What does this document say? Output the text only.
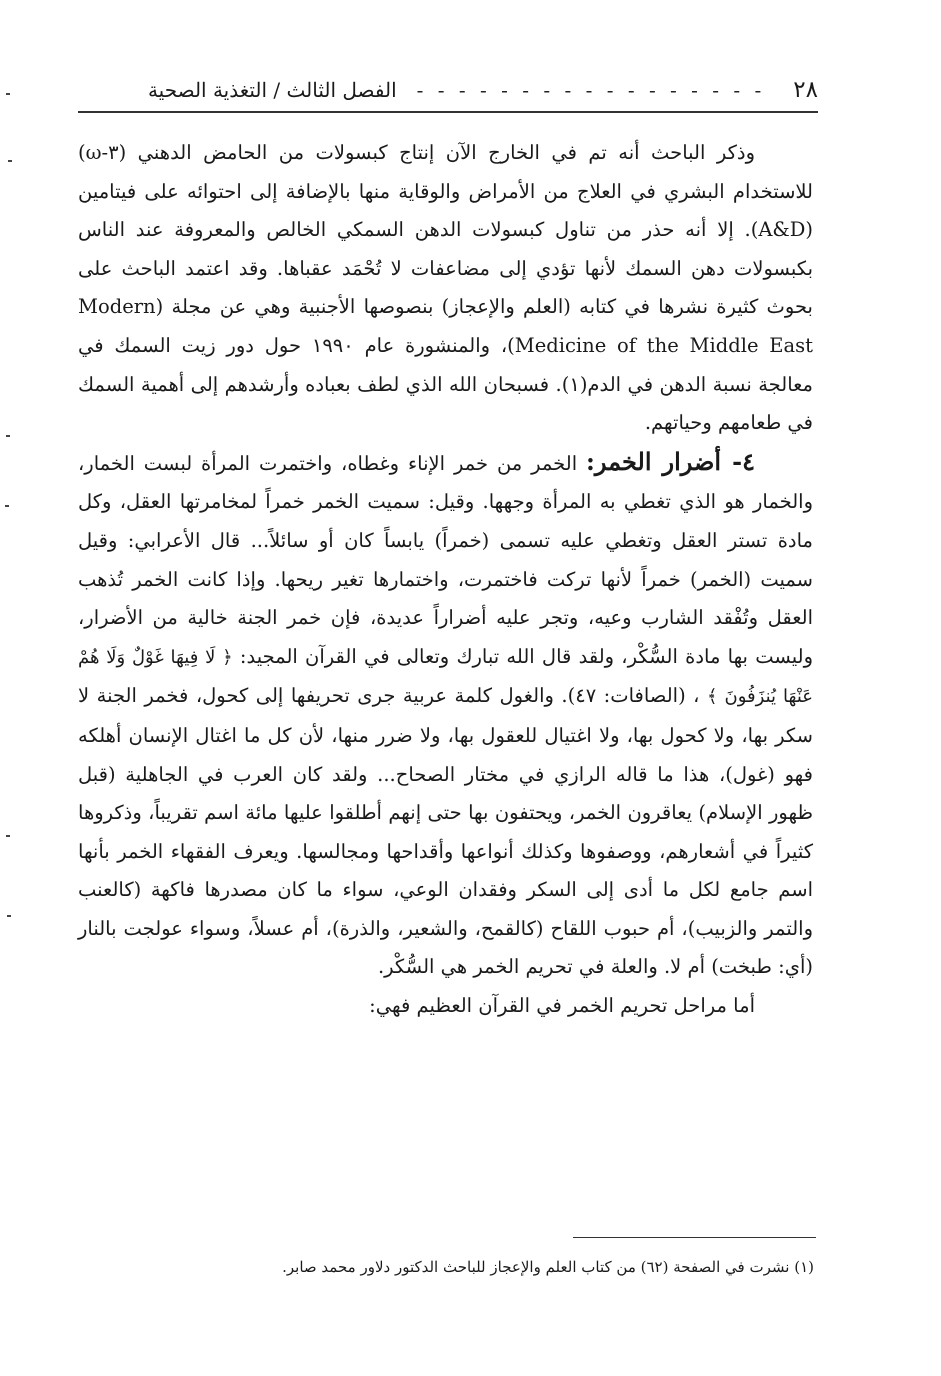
٢٨
- - - - - - - - - - - - - - - - -
الفصل الثالث / التغذية الصحية

وذكر الباحث أنه تم في الخارج الآن إنتاج كبسولات من الحامض الدهني (٣-ω) للاستخدام البشري في العلاج من الأمراض والوقاية منها بالإضافة إلى احتوائه على فيتامين (A&D). إلا أنه حذر من تناول كبسولات الدهن السمكي الخالص والمعروفة عند الناس بكبسولات دهن السمك لأنها تؤدي إلى مضاعفات لا تُحْمَد عقباها. وقد اعتمد الباحث على بحوث كثيرة نشرها في كتابه (العلم والإعجاز) بنصوصها الأجنبية وهي عن مجلة (Modern Medicine of the Middle East)، والمنشورة عام ١٩٩٠ حول دور زيت السمك في معالجة نسبة الدهن في الدم(١). فسبحان الله الذي لطف بعباده وأرشدهم إلى أهمية السمك في طعامهم وحياتهم.

٤- أضرار الخمر: الخمر من خمر الإناء وغطاه، واختمرت المرأة لبست الخمار، والخمار هو الذي تغطي به المرأة وجهها. وقيل: سميت الخمر خمراً لمخامرتها العقل، وكل مادة تستر العقل وتغطي عليه تسمى (خمراً) يابساً كان أو سائلاً... قال الأعرابي: وقيل سميت (الخمر) خمراً لأنها تركت فاختمرت، واختمارها تغير ريحها. وإذا كانت الخمر تُذهب العقل وتُفْقد الشارب وعيه، وتجر عليه أضراراً عديدة، فإن خمر الجنة خالية من الأضرار، وليست بها مادة السُّكْر، ولقد قال الله تبارك وتعالى في القرآن المجيد: ﴿ لَا فِيهَا غَوْلٌ وَلَا هُمْ عَنْهَا يُنزَفُونَ ﴾ ، (الصافات: ٤٧). والغول كلمة عربية جرى تحريفها إلى كحول، فخمر الجنة لا سكر بها، ولا كحول بها، ولا اغتيال للعقول بها، ولا ضرر منها، لأن كل ما اغتال الإنسان أهلكه فهو (غول)، هذا ما قاله الرازي في مختار الصحاح... ولقد كان العرب في الجاهلية (قبل ظهور الإسلام) يعاقرون الخمر، ويحتفون بها حتى إنهم أطلقوا عليها مائة اسم تقريباً، وذكروها كثيراً في أشعارهم، ووصفوها وكذلك أنواعها وأقداحها ومجالسها. ويعرف الفقهاء الخمر بأنها اسم جامع لكل ما أدى إلى السكر وفقدان الوعي، سواء ما كان مصدرها فاكهة (كالعنب والتمر والزبيب)، أم حبوب اللقاح (كالقمح، والشعير، والذرة)، أم عسلاً، وسواء عولجت بالنار (أي: طبخت) أم لا. والعلة في تحريم الخمر هي السُّكْر.

أما مراحل تحريم الخمر في القرآن العظيم فهي:

(١) نشرت في الصفحة (٦٢) من كتاب العلم والإعجاز للباحث الدكتور دلاور محمد صابر.
